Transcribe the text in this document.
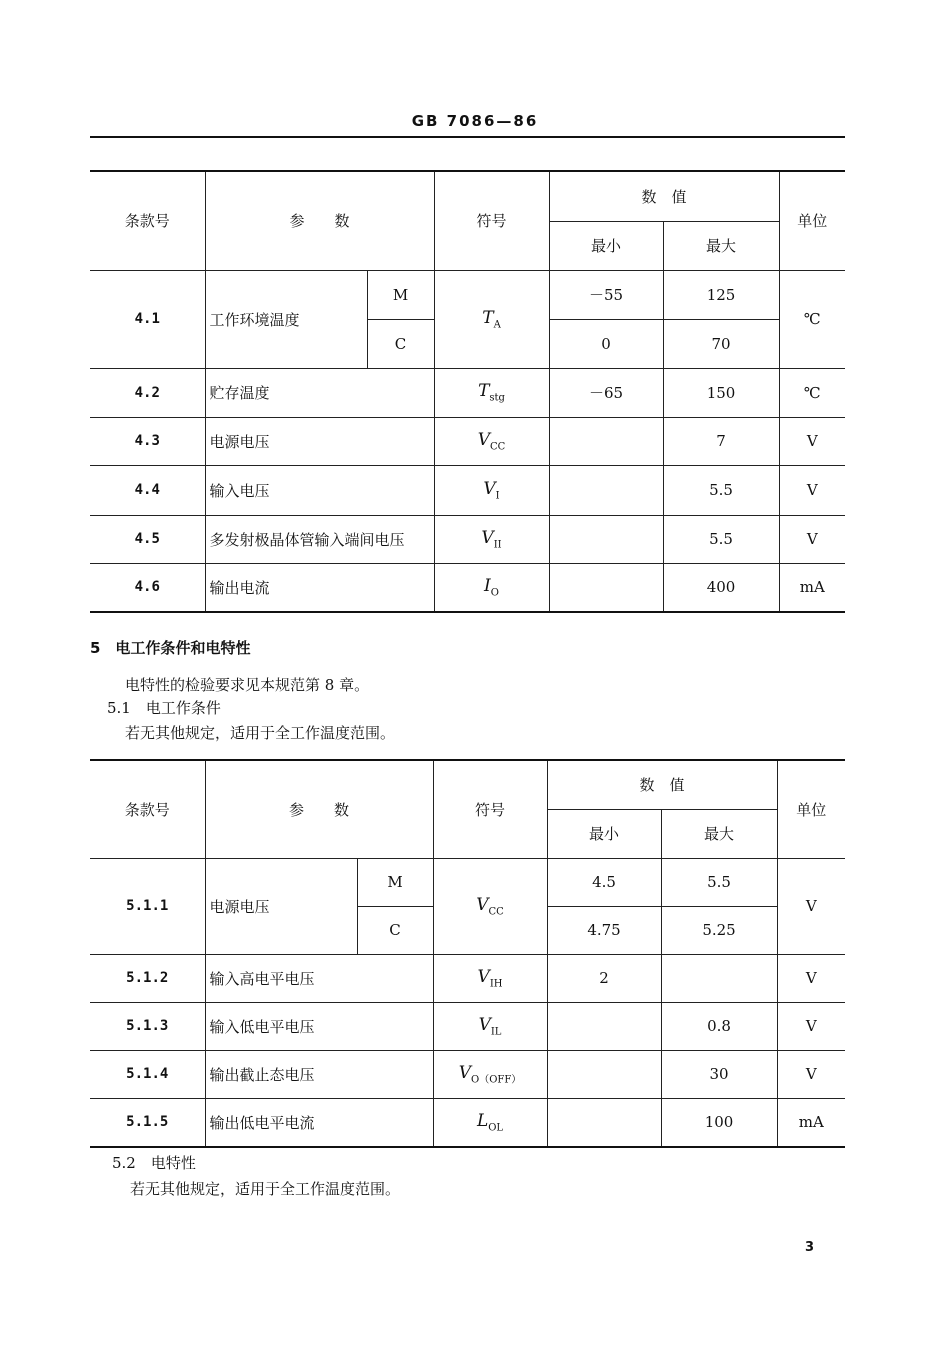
GB 7086—86
条款号	参　　数		符号	数　值		单位
				最小	最大	
4.1	工作环境温度	M	$T_A$	－55	125	℃
		C		0	70	
4.2	贮存温度		$T_{stg}$	－65	150	℃
4.3	电源电压		$V_{CC}$		7	V
4.4	输入电压		$V_I$		5.5	V
4.5	多发射极晶体管输入端间电压		$V_{II}$		5.5	V
4.6	输出电流		$I_O$		400	mA
5　电工作条件和电特性
电特性的检验要求见本规范第 8 章。
5.1　电工作条件
若无其他规定，适用于全工作温度范围。
条款号	参　　数		符号	数　值		单位
				最小	最大	
5.1.1	电源电压	M	$V_{CC}$	4.5	5.5	V
		C		4.75	5.25	
5.1.2	输入高电平电压		$V_{IH}$	2		V
5.1.3	输入低电平电压		$V_{IL}$		0.8	V
5.1.4	输出截止态电压		$V_{O(OFF)}$		30	V
5.1.5	输出低电平电流		$L_{OL}$		100	mA
5.2　电特性
若无其他规定，适用于全工作温度范围。
3
